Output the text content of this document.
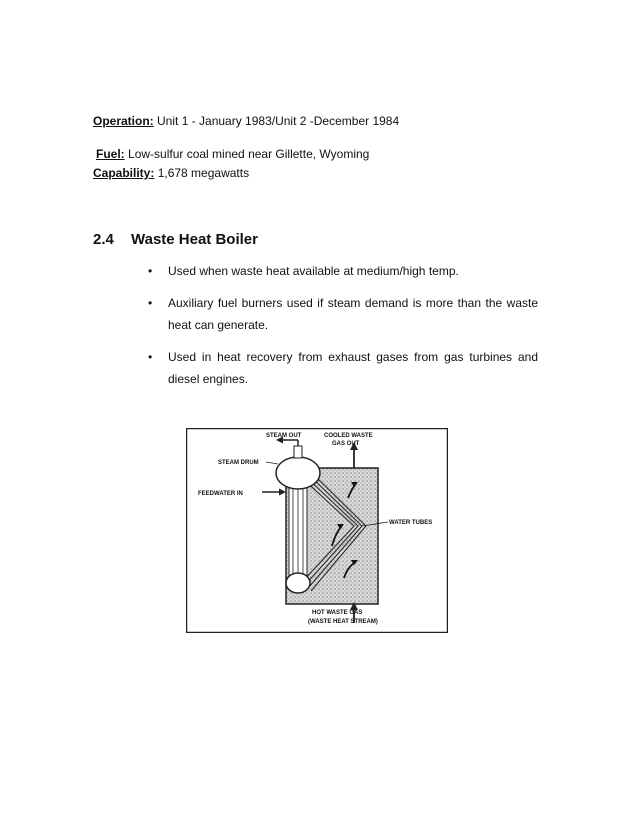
Operation: Unit 1 - January 1983/Unit 2 -December 1984
Fuel: Low-sulfur coal mined near Gillette, Wyoming
Capability: 1,678 megawatts
2.4 Waste Heat Boiler
• Used when waste heat available at medium/high temp.
• Auxiliary fuel burners used if steam demand is more than the waste heat can generate.
• Used in heat recovery from exhaust gases from gas turbines and diesel engines.
STEAM OUT	COOLED WASTE
GAS OUT
STEAM DRUM
FEEDWATER IN
WATER TUBES
HOT WASTE GAS
(WASTE HEAT STREAM)
